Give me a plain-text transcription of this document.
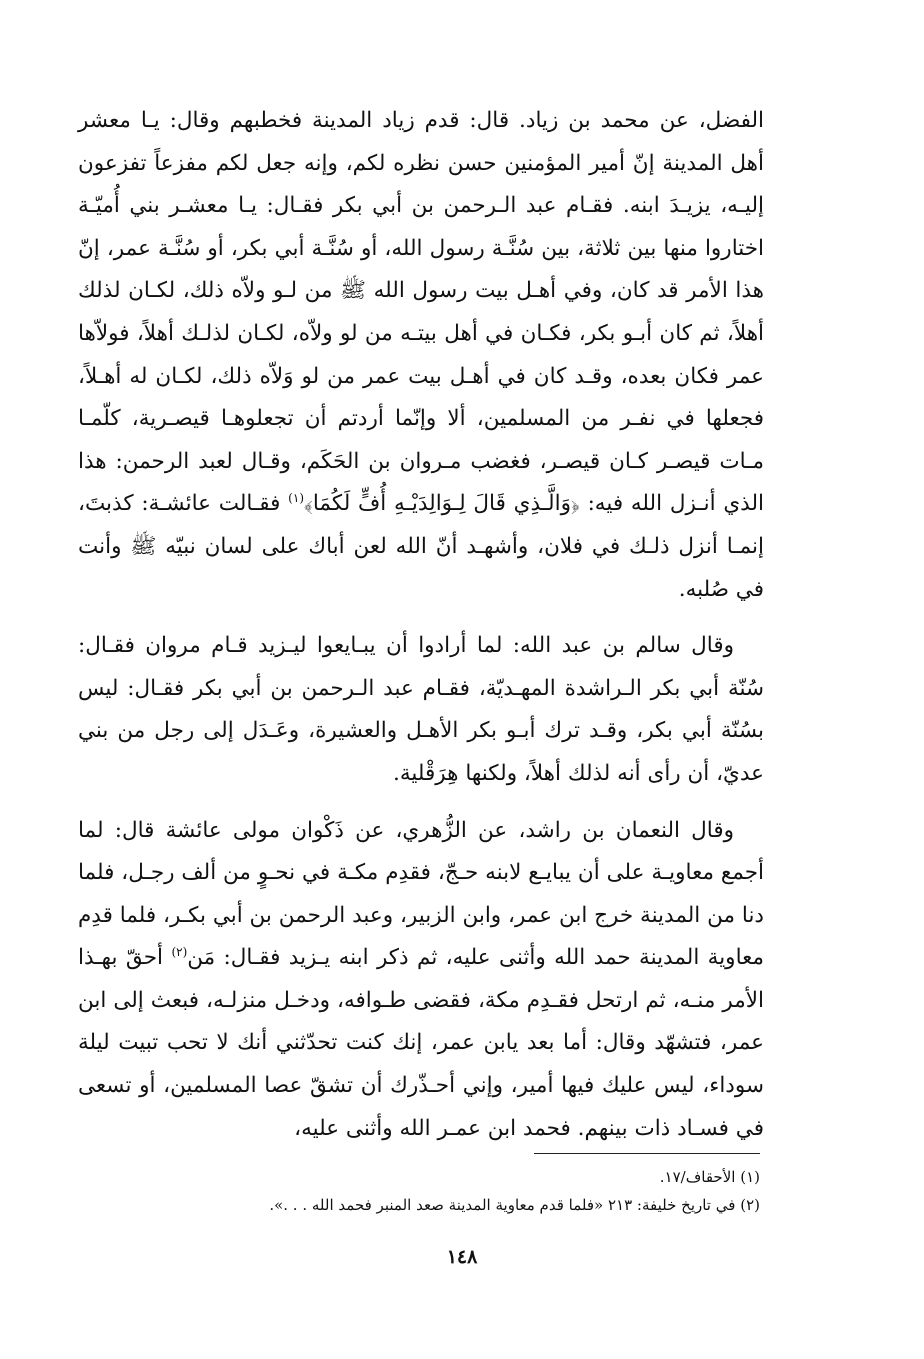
الفضل، عن محمد بن زياد. قال: قدم زياد المدينة فخطبهم وقال: يـا معشر أهل المدينة إنّ أمير المؤمنين حسن نظره لكم، وإنه جعل لكم مفزعاً تفزعون إليـه، يزيـدَ ابنه. فقـام عبد الـرحمن بن أبي بكر فقـال: يـا معشـر بني أُميّـة اختاروا منها بين ثلاثة، بين سُنَّـة رسول الله، أو سُنَّـة أبي بكر، أو سُنَّـة عمر، إنّ هذا الأمر قد كان، وفي أهـل بيت رسول الله ﷺ من لـو ولاّه ذلك، لكـان لذلك أهلاً، ثم كان أبـو بكر، فكـان في أهل بيتـه من لو ولاّه، لكـان لذلـك أهلاً، فولاّها عمر فكان بعده، وقـد كان في أهـل بيت عمر من لو وَلاّه ذلك، لكـان له أهـلاً، فجعلها في نفـر من المسلمين، ألا وإنّما أردتم أن تجعلوهـا قيصـرية، كلّمـا مـات قيصـر كـان قيصـر، فغضب مـروان بن الحَكَم، وقـال لعبد الرحمن: هذا الذي أنـزل الله فيه: ﴿وَالَّـذِي قَالَ لِـوَالِدَيْـهِ أُفٍّ لَكُمَا﴾$^{(١)}$ فقـالت عائشـة: كذبتَ، إنمـا أنزل ذلـك في فلان، وأشهـد أنّ الله لعن أباك على لسان نبيّه ﷺ وأنت في صُلبه.

وقال سالم بن عبد الله: لما أرادوا أن يبـايعوا ليـزيد قـام مروان فقـال: سُنّة أبي بكر الـراشدة المهـديّة، فقـام عبد الـرحمن بن أبي بكر فقـال: ليس بسُنّة أبي بكر، وقـد ترك أبـو بكر الأهـل والعشيرة، وعَـدَل إلى رجل من بني عديّ، أن رأى أنه لذلك أهلاً، ولكنها هِرَقْلية.

وقال النعمان بن راشد، عن الزُّهري، عن ذَكْوان مولى عائشة قال: لما أجمع معاويـة على أن يبايـع لابنه حـجّ، فقدِم مكـة في نحـوٍ من ألف رجـل، فلما دنا من المدينة خرج ابن عمر، وابن الزبير، وعبد الرحمن بن أبي بكـر، فلما قدِم معاوية المدينة حمد الله وأثنى عليه، ثم ذكر ابنه يـزيد فقـال: مَن$^{(٢)}$ أحقّ بهـذا الأمر منـه، ثم ارتحل فقـدِم مكة، فقضى طـوافه، ودخـل منزلـه، فبعث إلى ابن عمر، فتشهّد وقال: أما بعد يابن عمر، إنك كنت تحدّثني أنك لا تحب تبيت ليلة سوداء، ليس عليك فيها أمير، وإني أحـذّرك أن تشقّ عصا المسلمين، أو تسعى في فسـاد ذات بينهم. فحمد ابن عمـر الله وأثنى عليه،

(١) الأحقاف/١٧.

(٢) في تاريخ خليفة: ٢١٣ «فلما قدم معاوية المدينة صعد المنبر فحمد الله . . .».

١٤٨
